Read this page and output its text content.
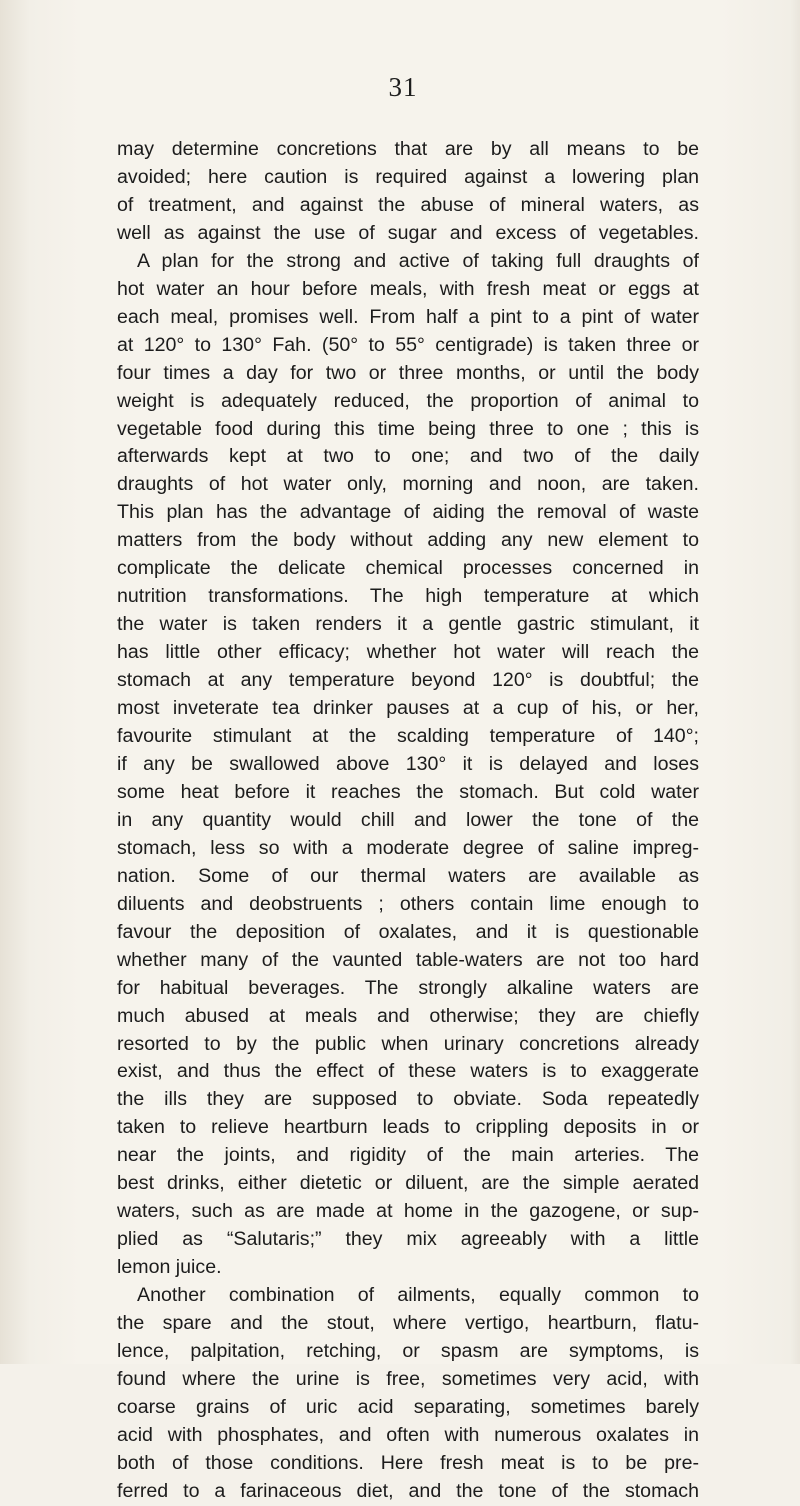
31

may determine concretions that are by all means to be
avoided; here caution is required against a lowering plan
of treatment, and against the abuse of mineral waters, as
well as against the use of sugar and excess of vegetables.

A plan for the strong and active of taking full draughts of
hot water an hour before meals, with fresh meat or eggs at
each meal, promises well. From half a pint to a pint of water
at 120° to 130° Fah. (50° to 55° centigrade) is taken three or
four times a day for two or three months, or until the body
weight is adequately reduced, the proportion of animal to
vegetable food during this time being three to one ; this is
afterwards kept at two to one; and two of the daily
draughts of hot water only, morning and noon, are taken.
This plan has the advantage of aiding the removal of waste
matters from the body without adding any new element to
complicate the delicate chemical processes concerned in
nutrition transformations. The high temperature at which
the water is taken renders it a gentle gastric stimulant, it
has little other efficacy; whether hot water will reach the
stomach at any temperature beyond 120° is doubtful; the
most inveterate tea drinker pauses at a cup of his, or her,
favourite stimulant at the scalding temperature of 140°;
if any be swallowed above 130° it is delayed and loses
some heat before it reaches the stomach. But cold water
in any quantity would chill and lower the tone of the
stomach, less so with a moderate degree of saline impreg-
nation. Some of our thermal waters are available as
diluents and deobstruents ; others contain lime enough to
favour the deposition of oxalates, and it is questionable
whether many of the vaunted table-waters are not too hard
for habitual beverages. The strongly alkaline waters are
much abused at meals and otherwise; they are chiefly
resorted to by the public when urinary concretions already
exist, and thus the effect of these waters is to exaggerate
the ills they are supposed to obviate. Soda repeatedly
taken to relieve heartburn leads to crippling deposits in or
near the joints, and rigidity of the main arteries. The
best drinks, either dietetic or diluent, are the simple aerated
waters, such as are made at home in the gazogene, or sup-
plied as “Salutaris;” they mix agreeably with a little
lemon juice.

Another combination of ailments, equally common to
the spare and the stout, where vertigo, heartburn, flatu-
lence, palpitation, retching, or spasm are symptoms, is
found where the urine is free, sometimes very acid, with
coarse grains of uric acid separating, sometimes barely
acid with phosphates, and often with numerous oxalates in
both of those conditions. Here fresh meat is to be pre-
ferred to a farinaceous diet, and the tone of the stomach
